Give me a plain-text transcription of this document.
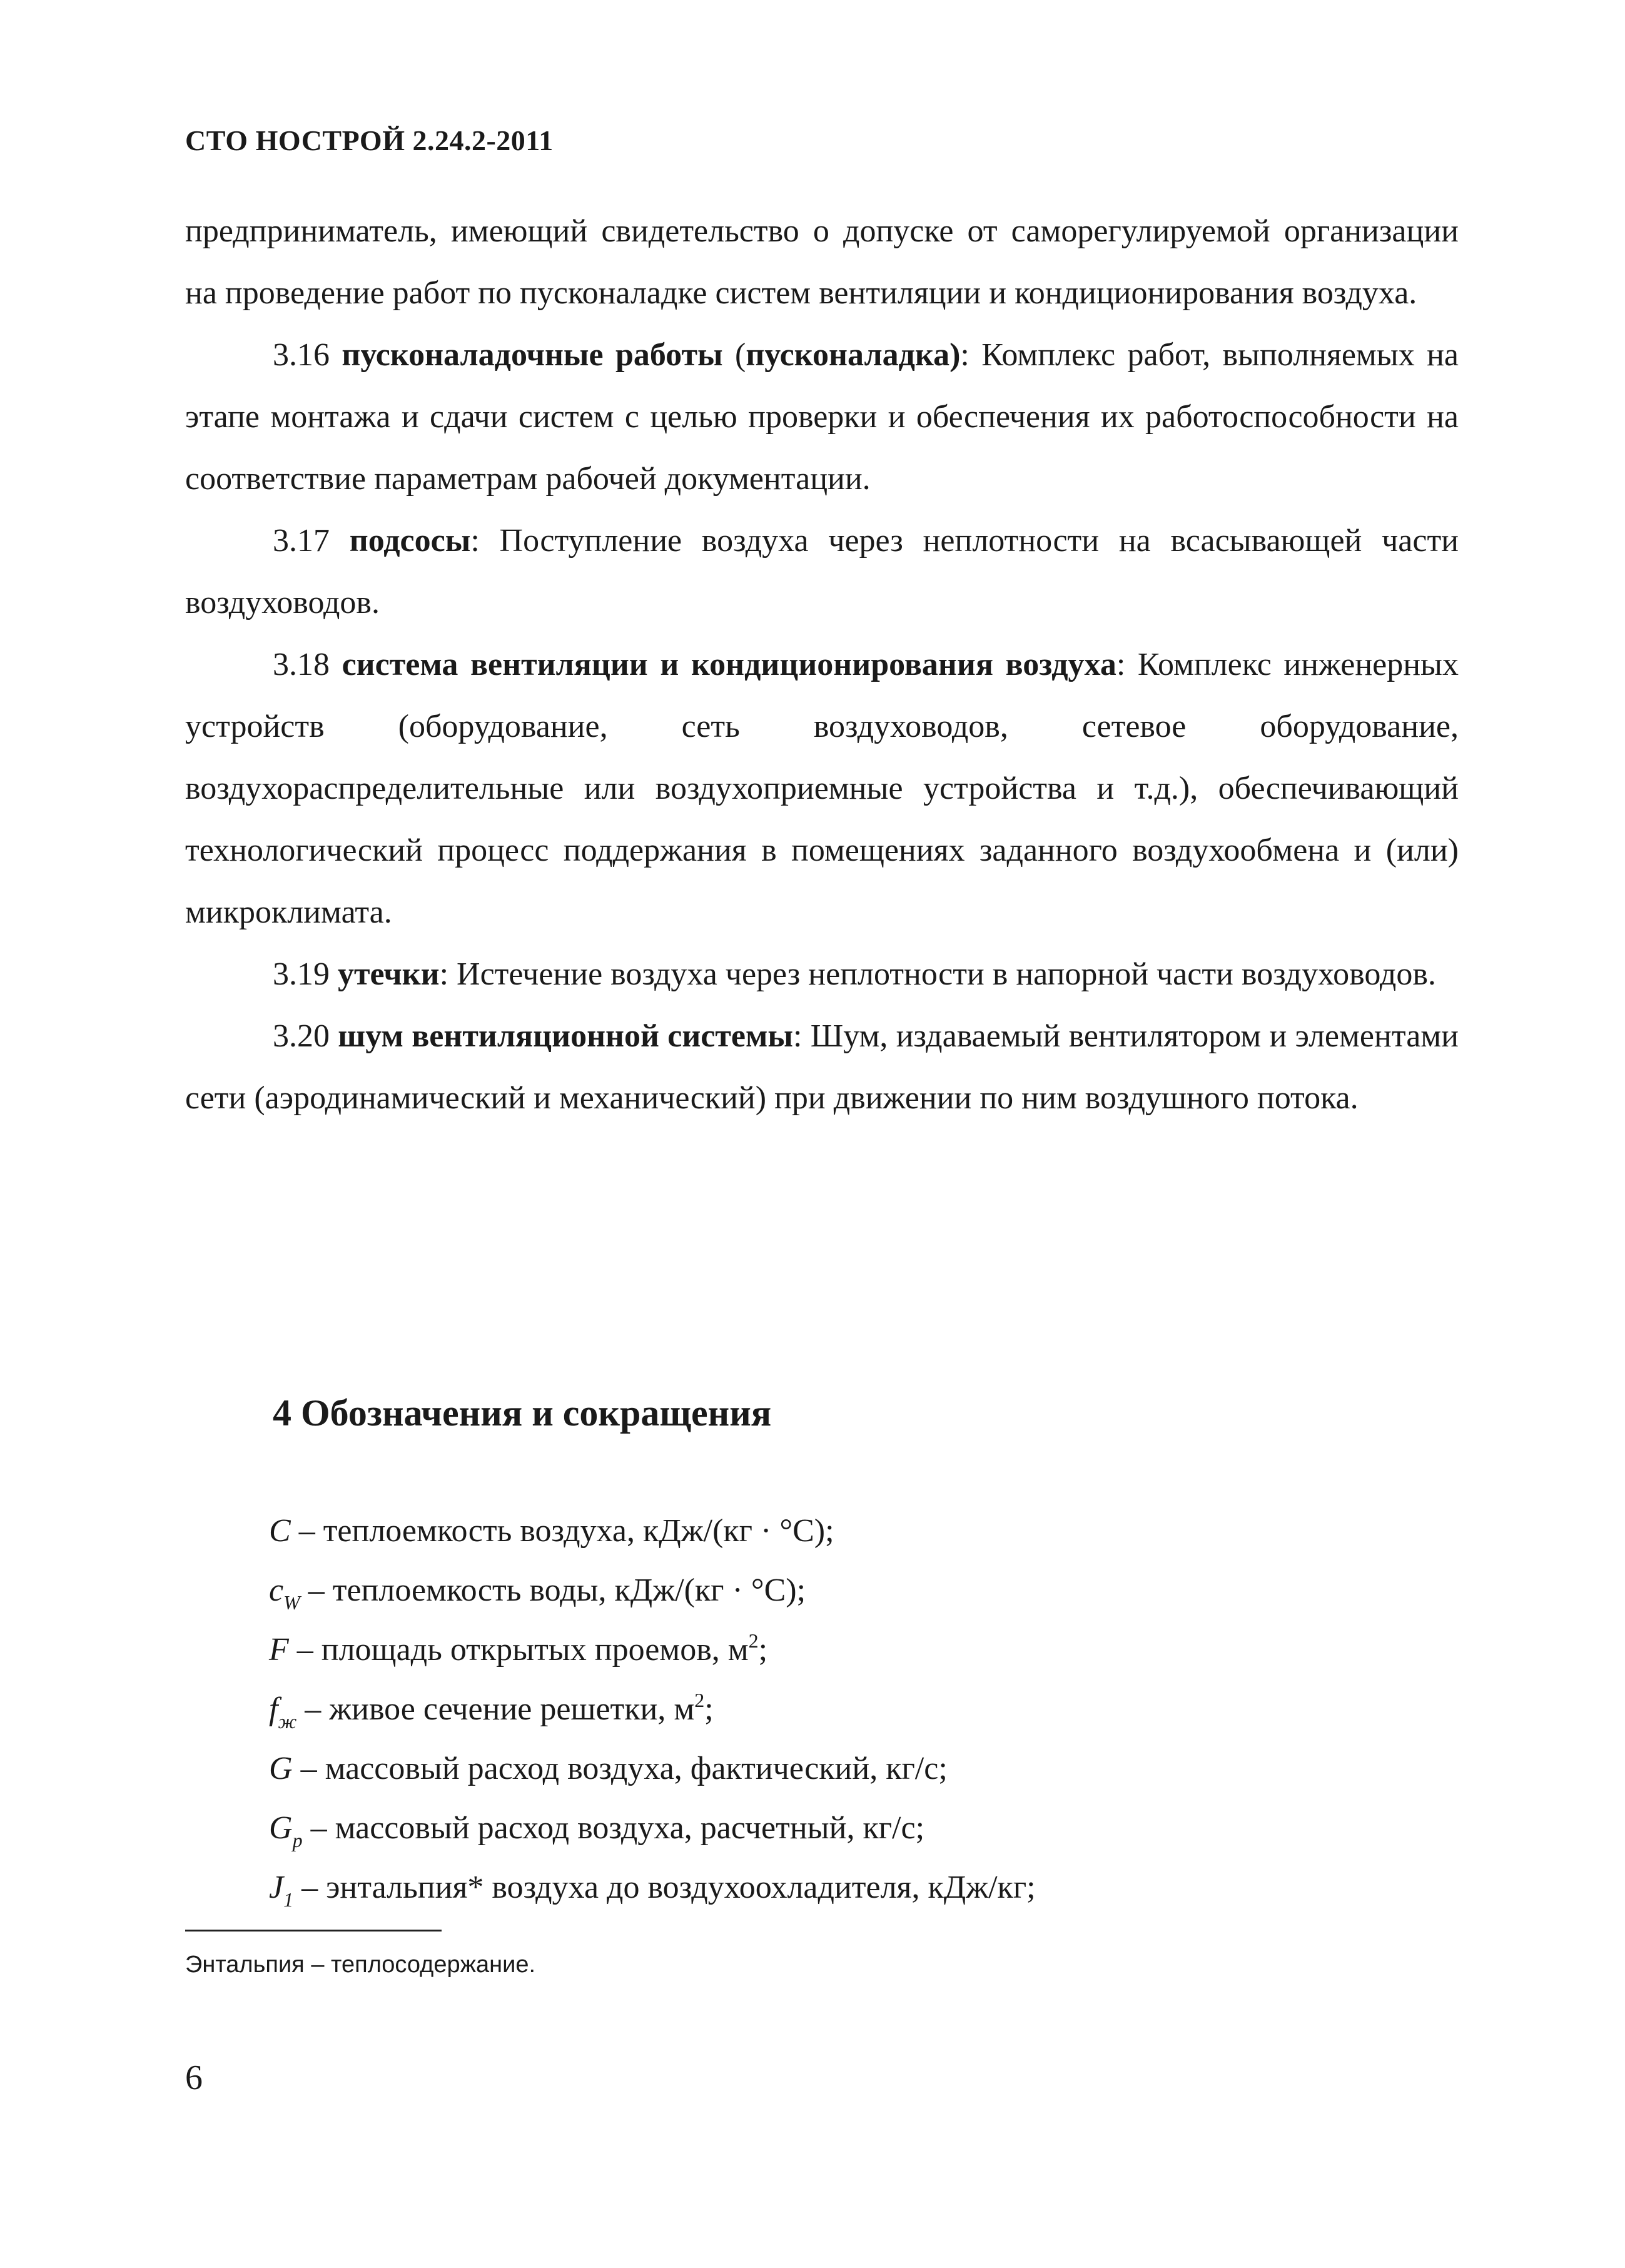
СТО НОСТРОЙ 2.24.2-2011

предприниматель, имеющий свидетельство о допуске от саморегулируемой организации на проведение работ по пусконаладке систем вентиляции и кондиционирования воздуха.

3.16 пусконаладочные работы (пусконаладка): Комплекс работ, выполняемых на этапе монтажа и сдачи систем с целью проверки и обеспечения их работоспособности на соответствие параметрам рабочей документации.

3.17 подсосы: Поступление воздуха через неплотности на всасывающей части воздуховодов.

3.18 система вентиляции и кондиционирования воздуха: Комплекс инженерных устройств (оборудование, сеть воздуховодов, сетевое оборудование, воздухораспределительные или воздухоприемные устройства и т.д.), обеспечивающий технологический процесс поддержания в помещениях заданного воздухообмена и (или) микроклимата.

3.19 утечки: Истечение воздуха через неплотности в напорной части воздуховодов.

3.20 шум вентиляционной системы: Шум, издаваемый вентилятором и элементами сети (аэродинамический и механический) при движении по ним воздушного потока.

4 Обозначения и сокращения
C – теплоемкость воздуха, кДж/(кг · °С);
$c_W$ – теплоемкость воды, кДж/(кг · °С);
F – площадь открытых проемов, $м^2$;
$f_ж$ – живое сечение решетки, $м^2$;
G – массовый расход воздуха, фактический, кг/с;
$G_p$ – массовый расход воздуха, расчетный, кг/с;
$J_1$ – энтальпия* воздуха до воздухоохладителя, кДж/кг;
Энтальпия – теплосодержание.
6
